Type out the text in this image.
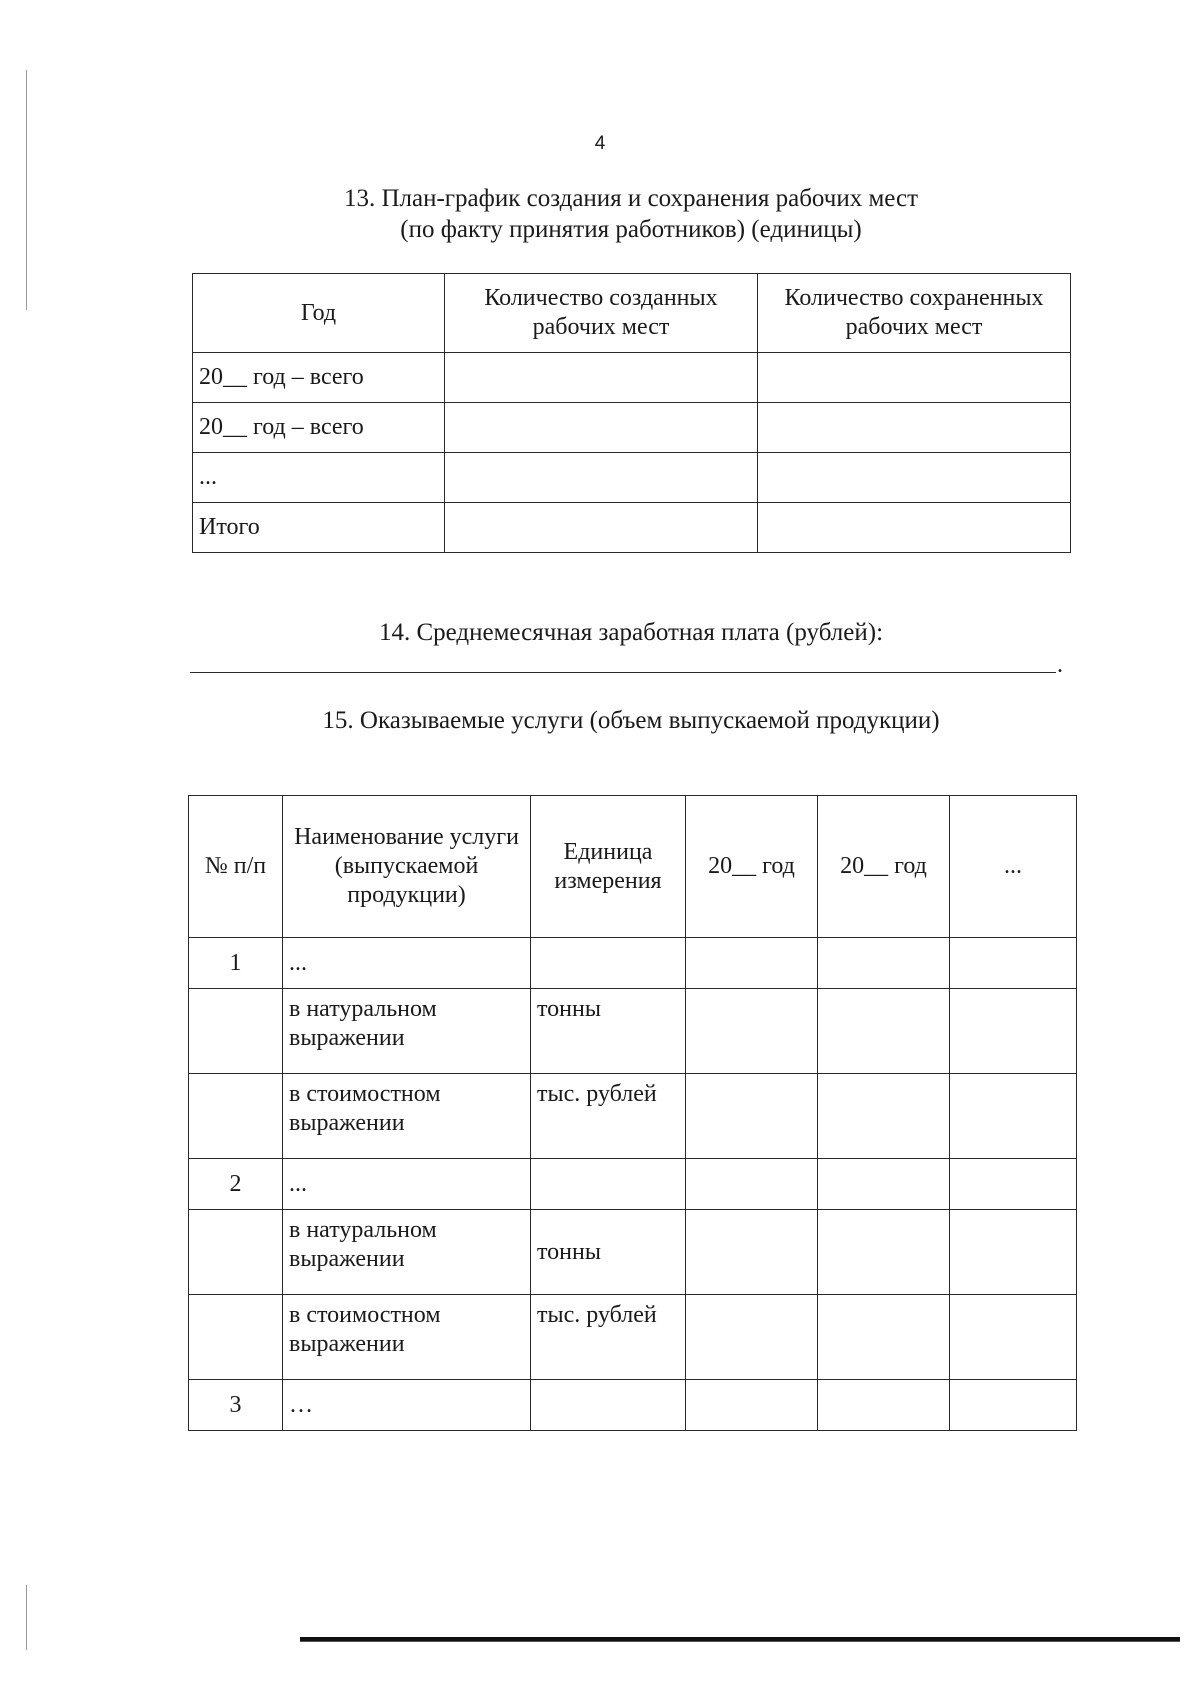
4
13. План-график создания и сохранения рабочих мест
(по факту принятия работников) (единицы)
Год	Количество созданных рабочих мест	Количество сохраненных рабочих мест
20__ год – всего		
20__ год – всего		
...		
Итого		
14. Среднемесячная заработная плата (рублей):
.
15. Оказываемые услуги (объем выпускаемой продукции)
№ п/п	Наименование услуги (выпускаемой продукции)	Единица измерения	20__ год	20__ год	...
1	...				
	в натуральном выражении	тонны			
	в стоимостном выражении	тыс. рублей			
2	...				
	в натуральном выражении	тонны			
	в стоимостном выражении	тыс. рублей			
3	…				
